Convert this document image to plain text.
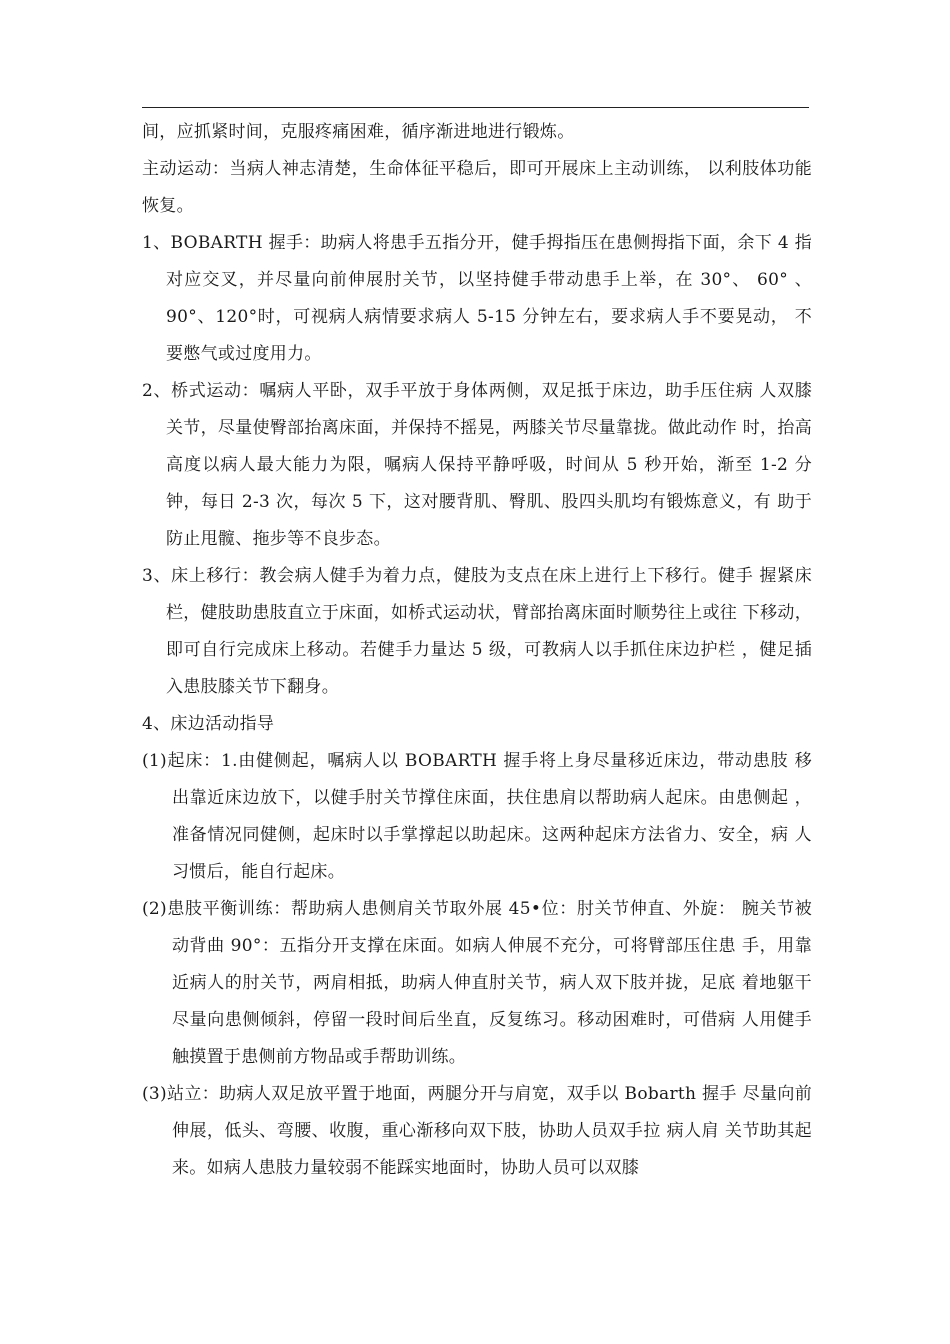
间，应抓紧时间，克服疼痛困难，循序渐进地进行锻炼。

主动运动：当病人神志清楚，生命体征平稳后，即可开展床上主动训练， 以利肢体功能恢复。

1、BOBARTH 握手：助病人将患手五指分开，健手拇指压在患侧拇指下面，余下 4 指对应交叉，并尽量向前伸展肘关节，以坚持健手带动患手上举，在 30°、 60° 、90°、120°时，可视病人病情要求病人 5-15 分钟左右，要求病人手不要晃动， 不要憋气或过度用力。

2、桥式运动：嘱病人平卧，双手平放于身体两侧，双足抵于床边，助手压住病 人双膝关节，尽量使臀部抬离床面，并保持不摇晃，两膝关节尽量靠拢。做此动作 时，抬高高度以病人最大能力为限，嘱病人保持平静呼吸，时间从 5 秒开始，渐至 1-2 分钟，每日 2-3 次，每次 5 下，这对腰背肌、臀肌、股四头肌均有锻炼意义，有 助于防止甩髋、拖步等不良步态。

3、床上移行：教会病人健手为着力点，健肢为支点在床上进行上下移行。健手 握紧床栏，健肢助患肢直立于床面，如桥式运动状，臂部抬离床面时顺势往上或往 下移动，即可自行完成床上移动。若健手力量达 5 级，可教病人以手抓住床边护栏 ，健足插入患肢膝关节下翻身。

4、床边活动指导

(1)起床：1.由健侧起，嘱病人以 BOBARTH 握手将上身尽量移近床边，带动患肢 移出靠近床边放下，以健手肘关节撑住床面，扶住患肩以帮助病人起床。由患侧起 ，准备情况同健侧，起床时以手掌撑起以助起床。这两种起床方法省力、安全，病 人习惯后，能自行起床。

(2)患肢平衡训练：帮助病人患侧肩关节取外展 45•位：肘关节伸直、外旋： 腕关节被动背曲 90°：五指分开支撑在床面。如病人伸展不充分，可将臂部压住患 手，用靠近病人的肘关节，两肩相抵，助病人伸直肘关节，病人双下肢并拢，足底 着地躯干尽量向患侧倾斜，停留一段时间后坐直，反复练习。移动困难时，可借病 人用健手触摸置于患侧前方物品或手帮助训练。

(3)站立：助病人双足放平置于地面，两腿分开与肩宽，双手以 Bobarth 握手 尽量向前伸展，低头、弯腰、收腹，重心渐移向双下肢，协助人员双手拉 病人肩 关节助其起来。如病人患肢力量较弱不能踩实地面时，协助人员可以双膝
